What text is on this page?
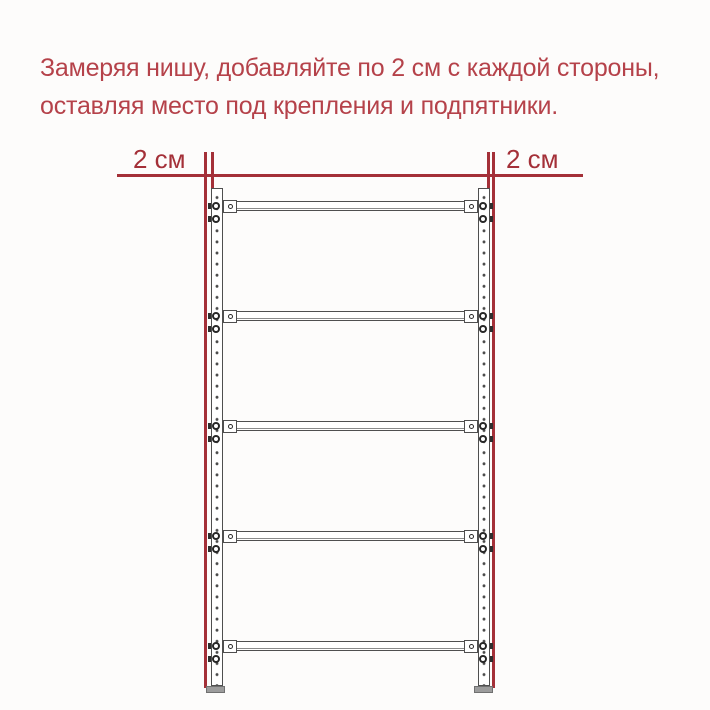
Замеряя нишу, добавляйте по 2 см с каждой стороны,
оставляя место под крепления и подпятники.
2 см	2 см
